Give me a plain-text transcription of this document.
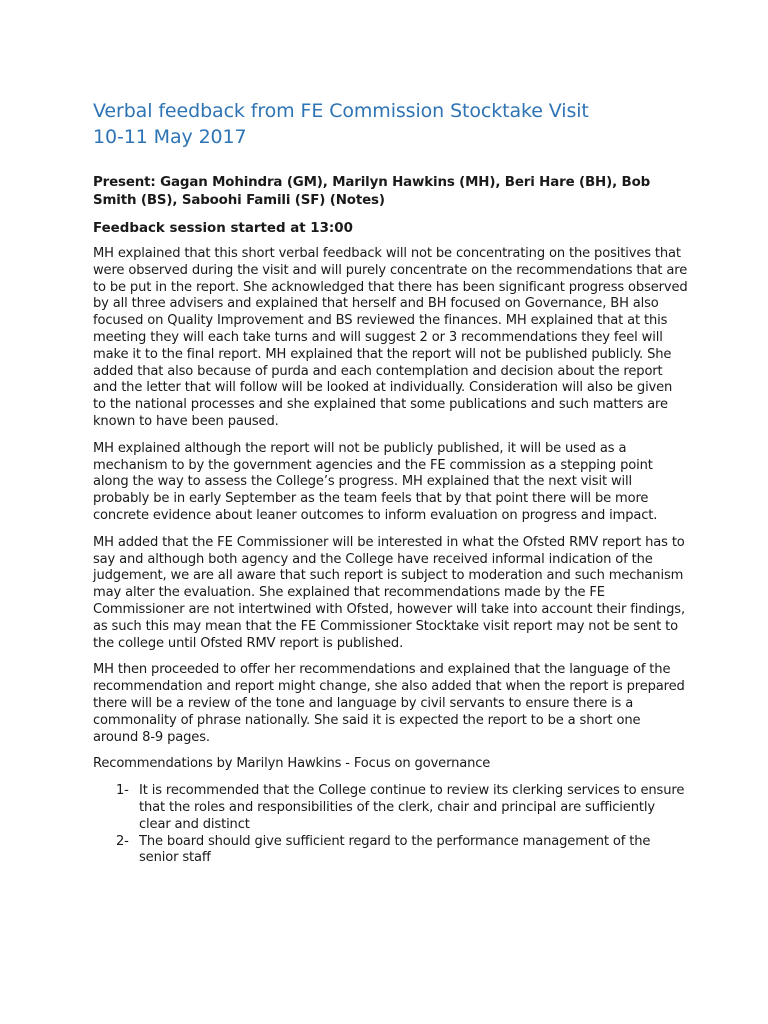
Verbal feedback from FE Commission Stocktake Visit
10-11 May 2017
Present: Gagan Mohindra (GM), Marilyn Hawkins (MH), Beri Hare (BH), Bob Smith (BS), Saboohi Famili (SF) (Notes)
Feedback session started at 13:00

MH explained that this short verbal feedback will not be concentrating on the positives that were observed during the visit and will purely concentrate on the recommendations that are to be put in the report. She acknowledged that there has been significant progress observed by all three advisers and explained that herself and BH focused on Governance, BH also focused on Quality Improvement and BS reviewed the finances. MH explained that at this meeting they will each take turns and will suggest 2 or 3 recommendations they feel will make it to the final report. MH explained that the report will not be published publicly. She added that also because of purda and each contemplation and decision about the report and the letter that will follow will be looked at individually. Consideration will also be given to the national processes and she explained that some publications and such matters are known to have been paused.

MH explained although the report will not be publicly published, it will be used as a mechanism to by the government agencies and the FE commission as a stepping point along the way to assess the College’s progress. MH explained that the next visit will probably be in early September as the team feels that by that point there will be more concrete evidence about leaner outcomes to inform evaluation on progress and impact.

MH added that the FE Commissioner will be interested in what the Ofsted RMV report has to say and although both agency and the College have received informal indication of the judgement, we are all aware that such report is subject to moderation and such mechanism may alter the evaluation. She explained that recommendations made by the FE Commissioner are not intertwined with Ofsted, however will take into account their findings, as such this may mean that the FE Commissioner Stocktake visit report may not be sent to the college until Ofsted RMV report is published.

MH then proceeded to offer her recommendations and explained that the language of the recommendation and report might change, she also added that when the report is prepared there will be a review of the tone and language by civil servants to ensure there is a commonality of phrase nationally. She said it is expected the report to be a short one around 8-9 pages.

Recommendations by Marilyn Hawkins - Focus on governance
1- It is recommended that the College continue to review its clerking services to ensure that the roles and responsibilities of the clerk, chair and principal are sufficiently clear and distinct
2- The board should give sufficient regard to the performance management of the senior staff
